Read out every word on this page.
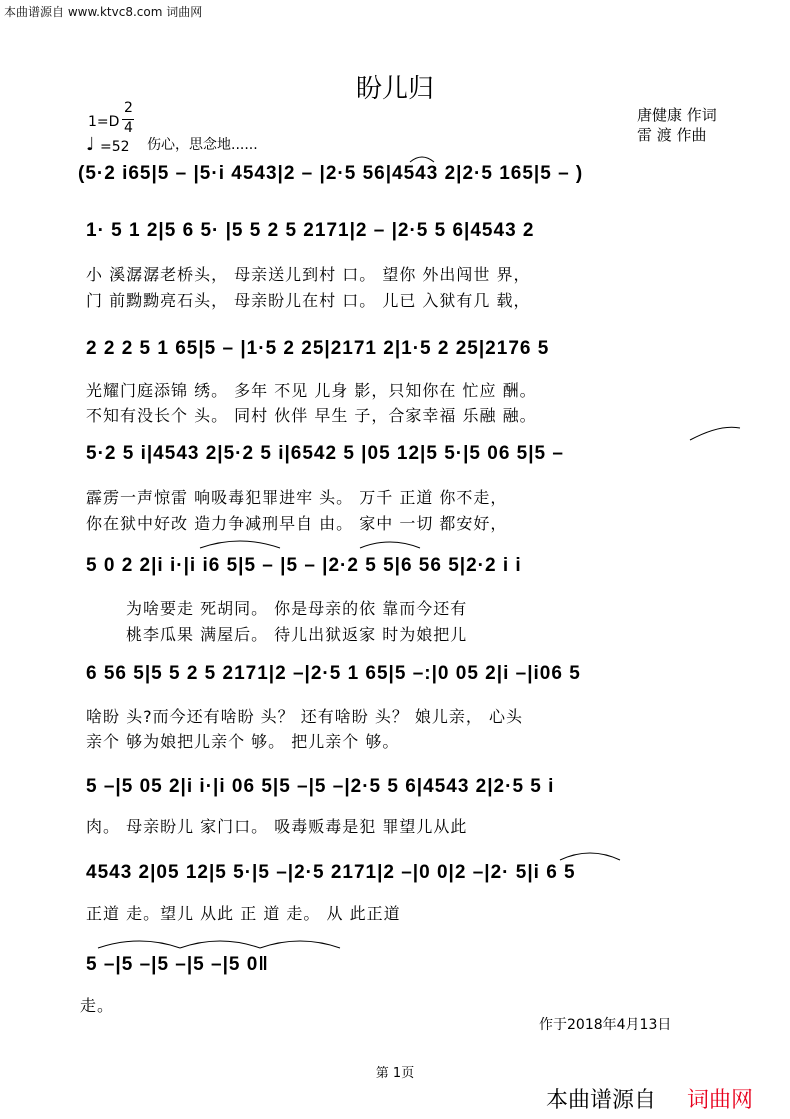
本曲谱源自 www.ktvc8.com 词曲网
盼儿归
1=D
2
4
♩ =52 伤心，思念地......
唐健康 作词
雷 渡 作曲
(5·2 i65|5 – |5·i 4543|2 – |2·5 56|4543 2|2·5 165|5 – )
1· 5 1 2|5 6 5· |5 5 2 5 2171|2 – |2·5 5 6|4543 2
小 溪潺潺老桥头， 母亲送儿到村 口。 望你 外出闯世 界，
门 前黝黝亮石头， 母亲盼儿在村 口。 儿已 入狱有几 载，
2 2 2 5 1 65|5 – |1·5 2 25|2171 2|1·5 2 25|2176 5
光耀门庭添锦 绣。 多年 不见 儿身 影，只知你在 忙应 酬。
不知有没长个 头。 同村 伙伴 早生 子，合家幸福 乐融 融。
5·2 5 i|4543 2|5·2 5 i|6542 5 |05 12|5 5·|5 06 5|5 –
霹雳一声惊雷 响吸毒犯罪进牢 头。 万千 正道 你不走，
你在狱中好改 造力争减刑早自 由。 家中 一切 都安好，
5 0 2 2|i i·|i i6 5|5 – |5 – |2·2 5 5|6 56 5|2·2 i i
为啥要走 死胡同。 你是母亲的依 靠而今还有
桃李瓜果 满屋后。 待儿出狱返家 时为娘把儿
6 56 5|5 5 2 5 2171|2 –|2·5 1 65|5 –:|0 05 2|i –|i06 5
啥盼 头?而今还有啥盼 头？ 还有啥盼 头？ 娘儿亲， 心头
亲个 够为娘把儿亲个 够。 把儿亲个 够。
5 –|5 05 2|i i·|i 06 5|5 –|5 –|2·5 5 6|4543 2|2·5 5 i
肉。 母亲盼儿 家门口。 吸毒贩毒是犯 罪望儿从此
4543 2|05 12|5 5·|5 –|2·5 2171|2 –|0 0|2 –|2· 5|i 6 5
正道 走。望儿 从此 正 道 走。 从 此正道
5 –|5 –|5 –|5 –|5 0‖
走。
作于2018年4月13日
第 1页
本曲谱源自 词曲网
